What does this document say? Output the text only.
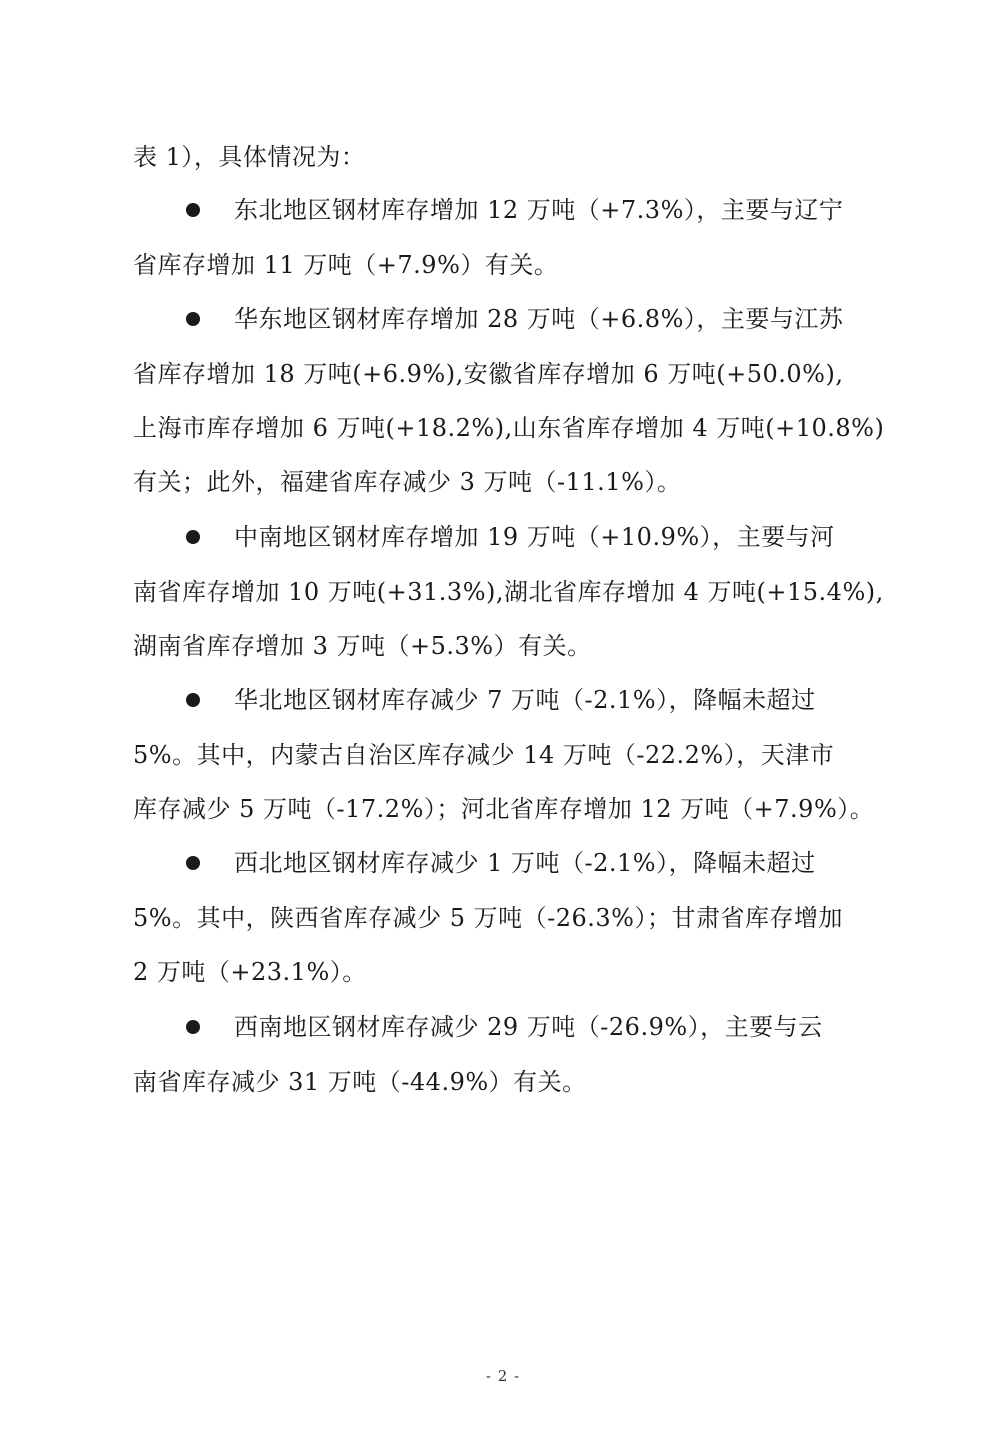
表 1），具体情况为：
东北地区钢材库存增加 12 万吨（+7.3%），主要与辽宁
省库存增加 11 万吨（+7.9%）有关。
华东地区钢材库存增加 28 万吨（+6.8%），主要与江苏
省库存增加 18 万吨(+6.9%),安徽省库存增加 6 万吨(+50.0%),
上海市库存增加 6 万吨(+18.2%),山东省库存增加 4 万吨(+10.8%)
有关；此外，福建省库存减少 3 万吨（-11.1%）。
中南地区钢材库存增加 19 万吨（+10.9%），主要与河
南省库存增加 10 万吨(+31.3%),湖北省库存增加 4 万吨(+15.4%),
湖南省库存增加 3 万吨（+5.3%）有关。
华北地区钢材库存减少 7 万吨（-2.1%），降幅未超过
5%。其中，内蒙古自治区库存减少 14 万吨（-22.2%），天津市
库存减少 5 万吨（-17.2%）；河北省库存增加 12 万吨（+7.9%）。
西北地区钢材库存减少 1 万吨（-2.1%），降幅未超过
5%。其中，陕西省库存减少 5 万吨（-26.3%）；甘肃省库存增加
2 万吨（+23.1%）。
西南地区钢材库存减少 29 万吨（-26.9%），主要与云
南省库存减少 31 万吨（-44.9%）有关。
- 2 -
